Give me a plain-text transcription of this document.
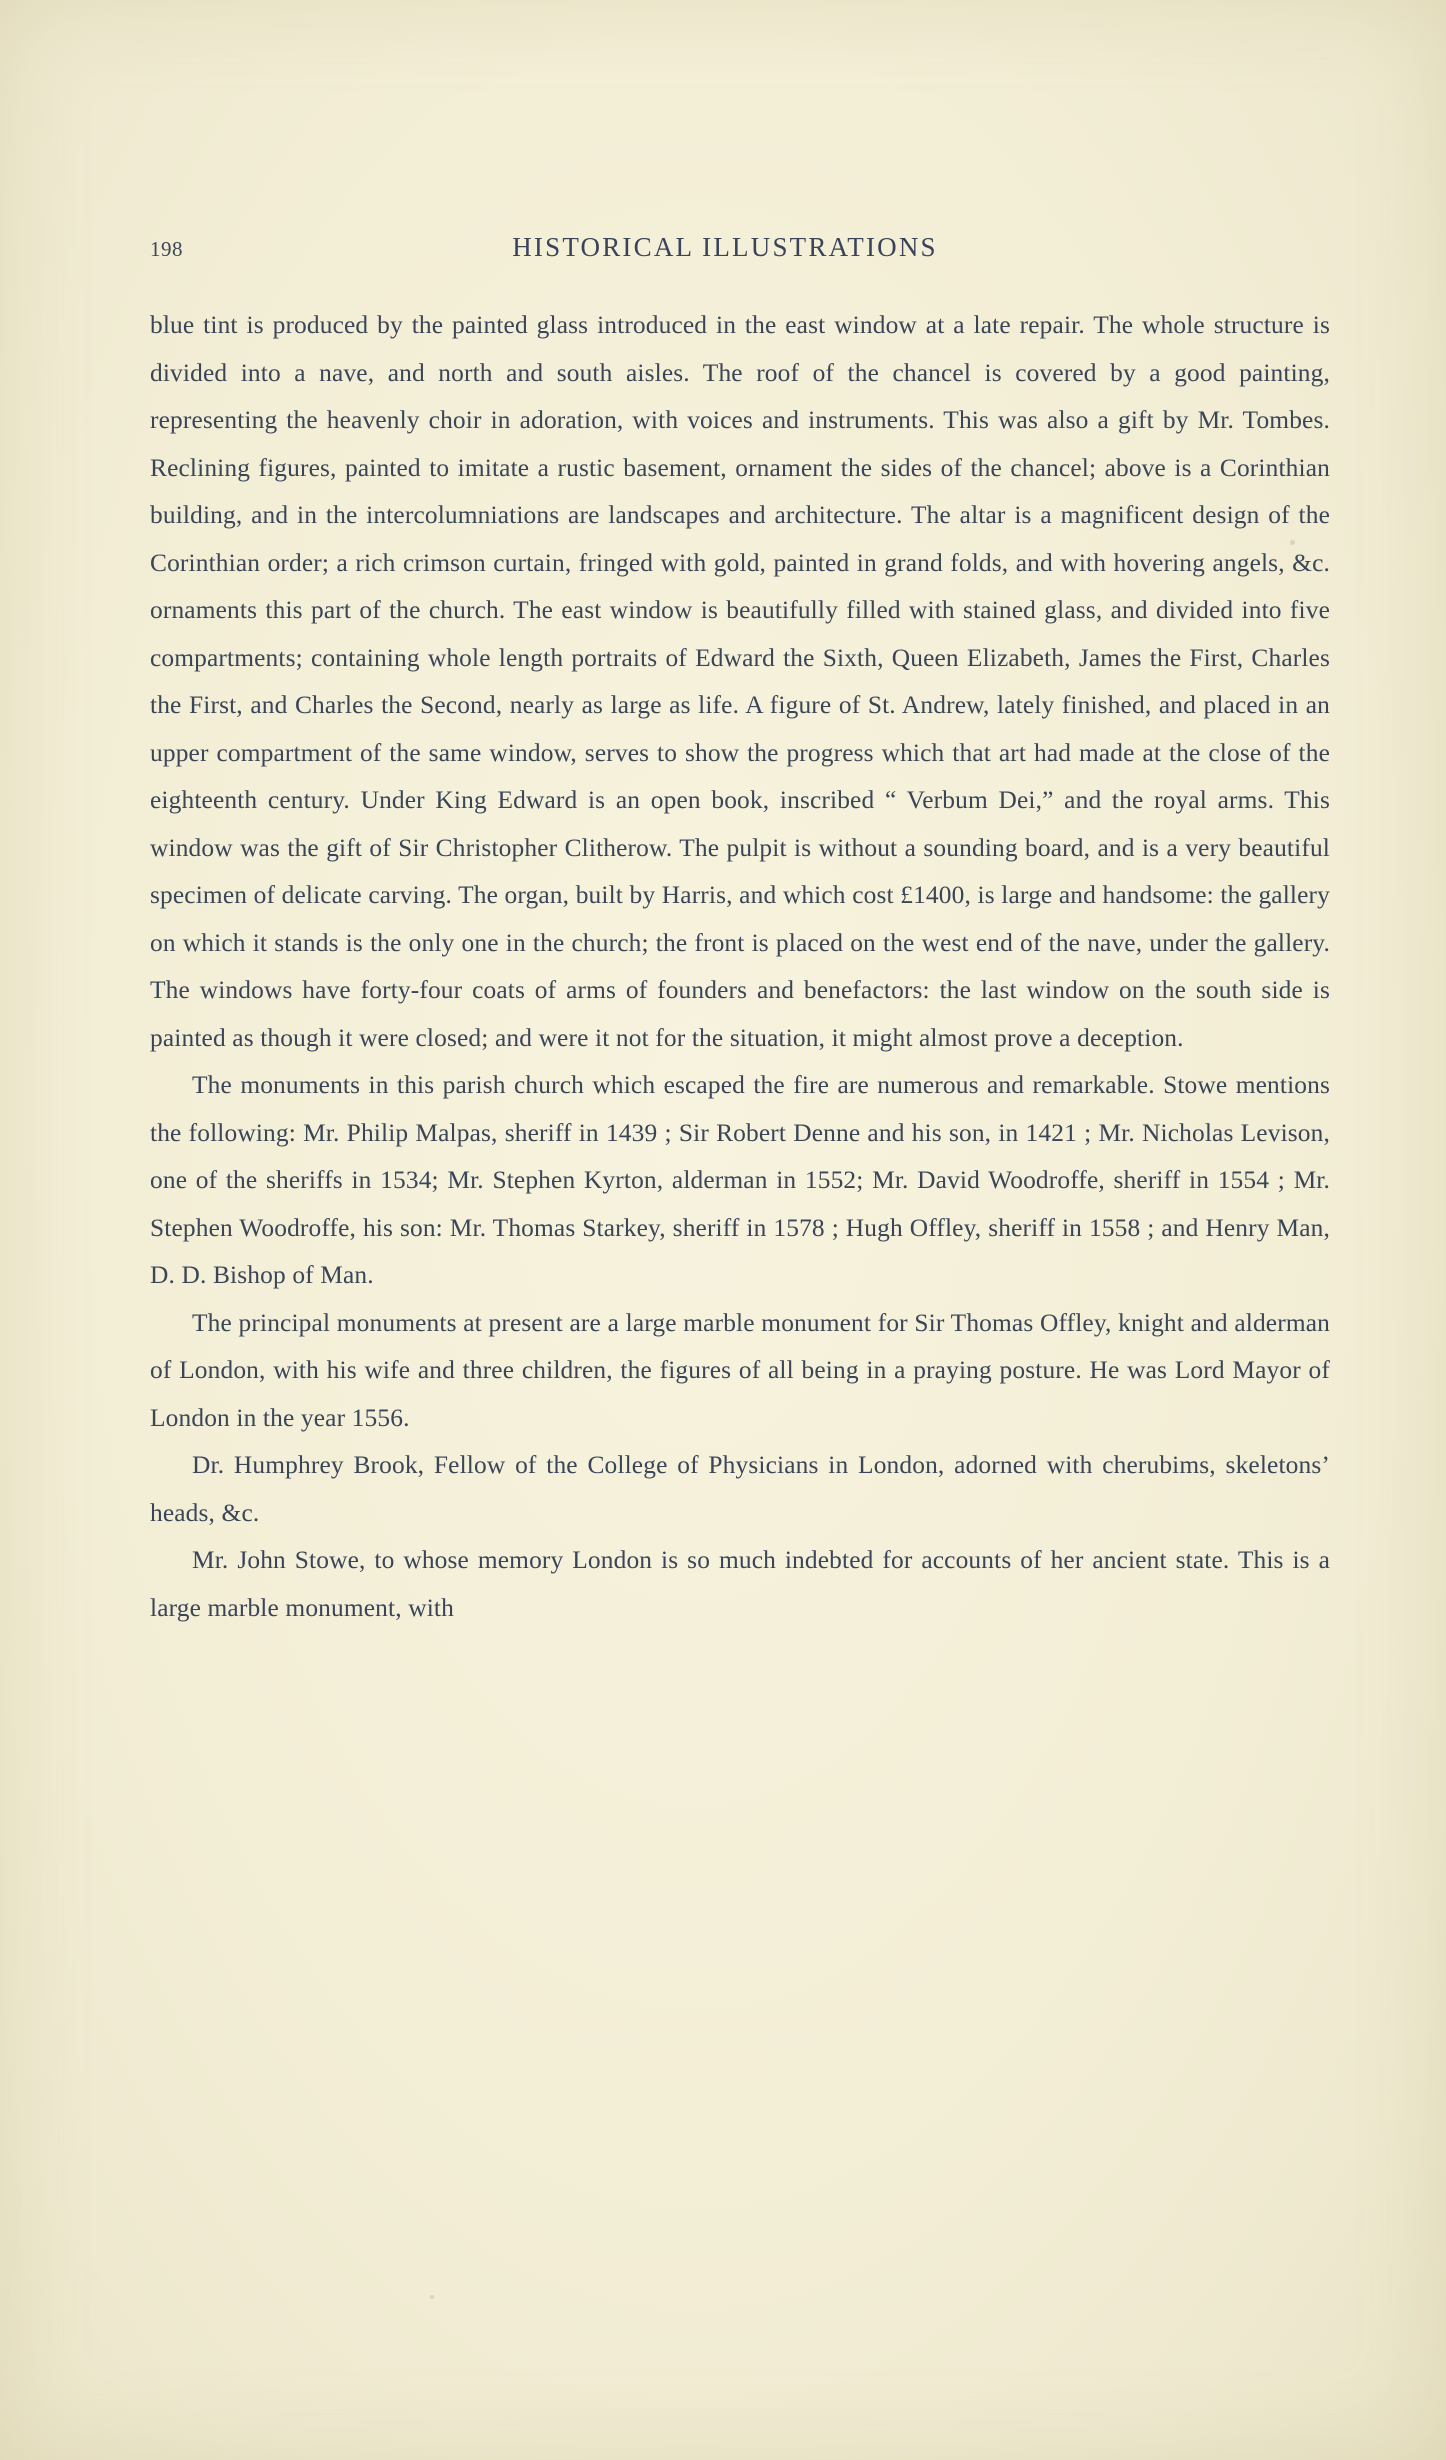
198	HISTORICAL ILLUSTRATIONS

blue tint is produced by the painted glass introduced in the east window at a late repair. The whole structure is divided into a nave, and north and south aisles. The roof of the chancel is covered by a good painting, representing the heavenly choir in adoration, with voices and instruments. This was also a gift by Mr. Tombes. Reclining figures, painted to imitate a rustic basement, ornament the sides of the chancel; above is a Corinthian building, and in the intercolumniations are landscapes and architecture. The altar is a magnificent design of the Corinthian order; a rich crimson curtain, fringed with gold, painted in grand folds, and with hovering angels, &c. ornaments this part of the church. The east window is beautifully filled with stained glass, and divided into five compartments; containing whole length portraits of Edward the Sixth, Queen Elizabeth, James the First, Charles the First, and Charles the Second, nearly as large as life. A figure of St. Andrew, lately finished, and placed in an upper compartment of the same window, serves to show the progress which that art had made at the close of the eighteenth century. Under King Edward is an open book, inscribed “ Verbum Dei,” and the royal arms. This window was the gift of Sir Christopher Clitherow. The pulpit is without a sounding board, and is a very beautiful specimen of delicate carving. The organ, built by Harris, and which cost £1400, is large and handsome: the gallery on which it stands is the only one in the church; the front is placed on the west end of the nave, under the gallery. The windows have forty-four coats of arms of founders and benefactors: the last window on the south side is painted as though it were closed; and were it not for the situation, it might almost prove a deception.

The monuments in this parish church which escaped the fire are numerous and remarkable. Stowe mentions the following: Mr. Philip Malpas, sheriff in 1439 ; Sir Robert Denne and his son, in 1421 ; Mr. Nicholas Levison, one of the sheriffs in 1534; Mr. Stephen Kyrton, alderman in 1552; Mr. David Woodroffe, sheriff in 1554 ; Mr. Stephen Woodroffe, his son: Mr. Thomas Starkey, sheriff in 1578 ; Hugh Offley, sheriff in 1558 ; and Henry Man, D. D. Bishop of Man.

The principal monuments at present are a large marble monument for Sir Thomas Offley, knight and alderman of London, with his wife and three children, the figures of all being in a praying posture. He was Lord Mayor of London in the year 1556.

Dr. Humphrey Brook, Fellow of the College of Physicians in London, adorned with cherubims, skeletons’ heads, &c.

Mr. John Stowe, to whose memory London is so much indebted for accounts of her ancient state. This is a large marble monument, with
